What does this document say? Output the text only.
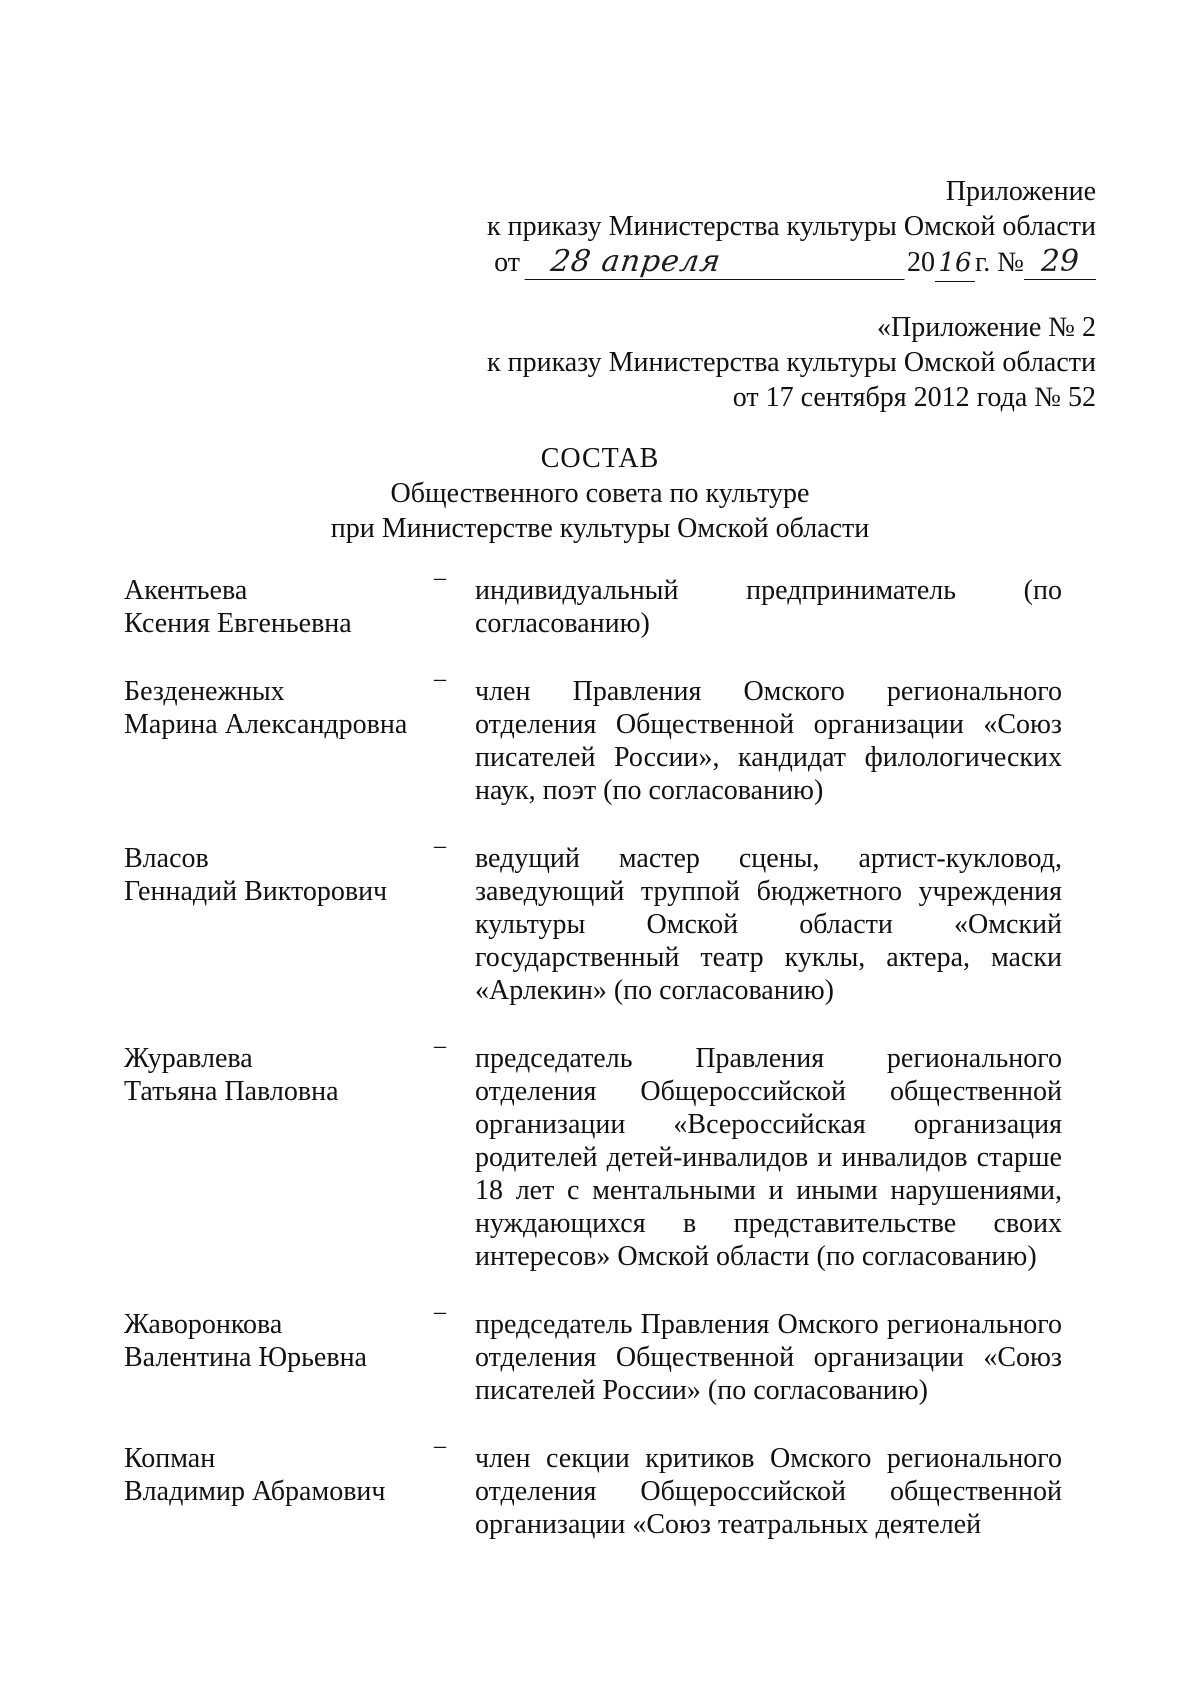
Приложение
к приказу Министерства культуры Омской области
от 28 апреля	20 16 г. № 29
«Приложение № 2
к приказу Министерства культуры Омской области
от 17 сентября 2012 года № 52
СОСТАВ
Общественного совета по культуре
при Министерстве культуры Омской области
Акентьева
Ксения Евгеньевна
– индивидуальный предприниматель (по согласованию)
Безденежных
Марина Александровна
– член Правления Омского регионального отделения Общественной организации «Союз писателей России», кандидат филологических наук, поэт (по согласованию)
Власов
Геннадий Викторович
– ведущий мастер сцены, артист-кукловод, заведующий труппой бюджетного учреждения культуры Омской области «Омский государственный театр куклы, актера, маски «Арлекин» (по согласованию)
Журавлева
Татьяна Павловна
– председатель Правления регионального отделения Общероссийской общественной организации «Всероссийская организация родителей детей-инвалидов и инвалидов старше 18 лет с ментальными и иными нарушениями, нуждающихся в представительстве своих интересов» Омской области (по согласованию)
Жаворонкова
Валентина Юрьевна
– председатель Правления Омского регионального отделения Общественной организации «Союз писателей России» (по согласованию)
Копман
Владимир Абрамович
– член секции критиков Омского регионального отделения Общероссийской общественной организации «Союз театральных деятелей
